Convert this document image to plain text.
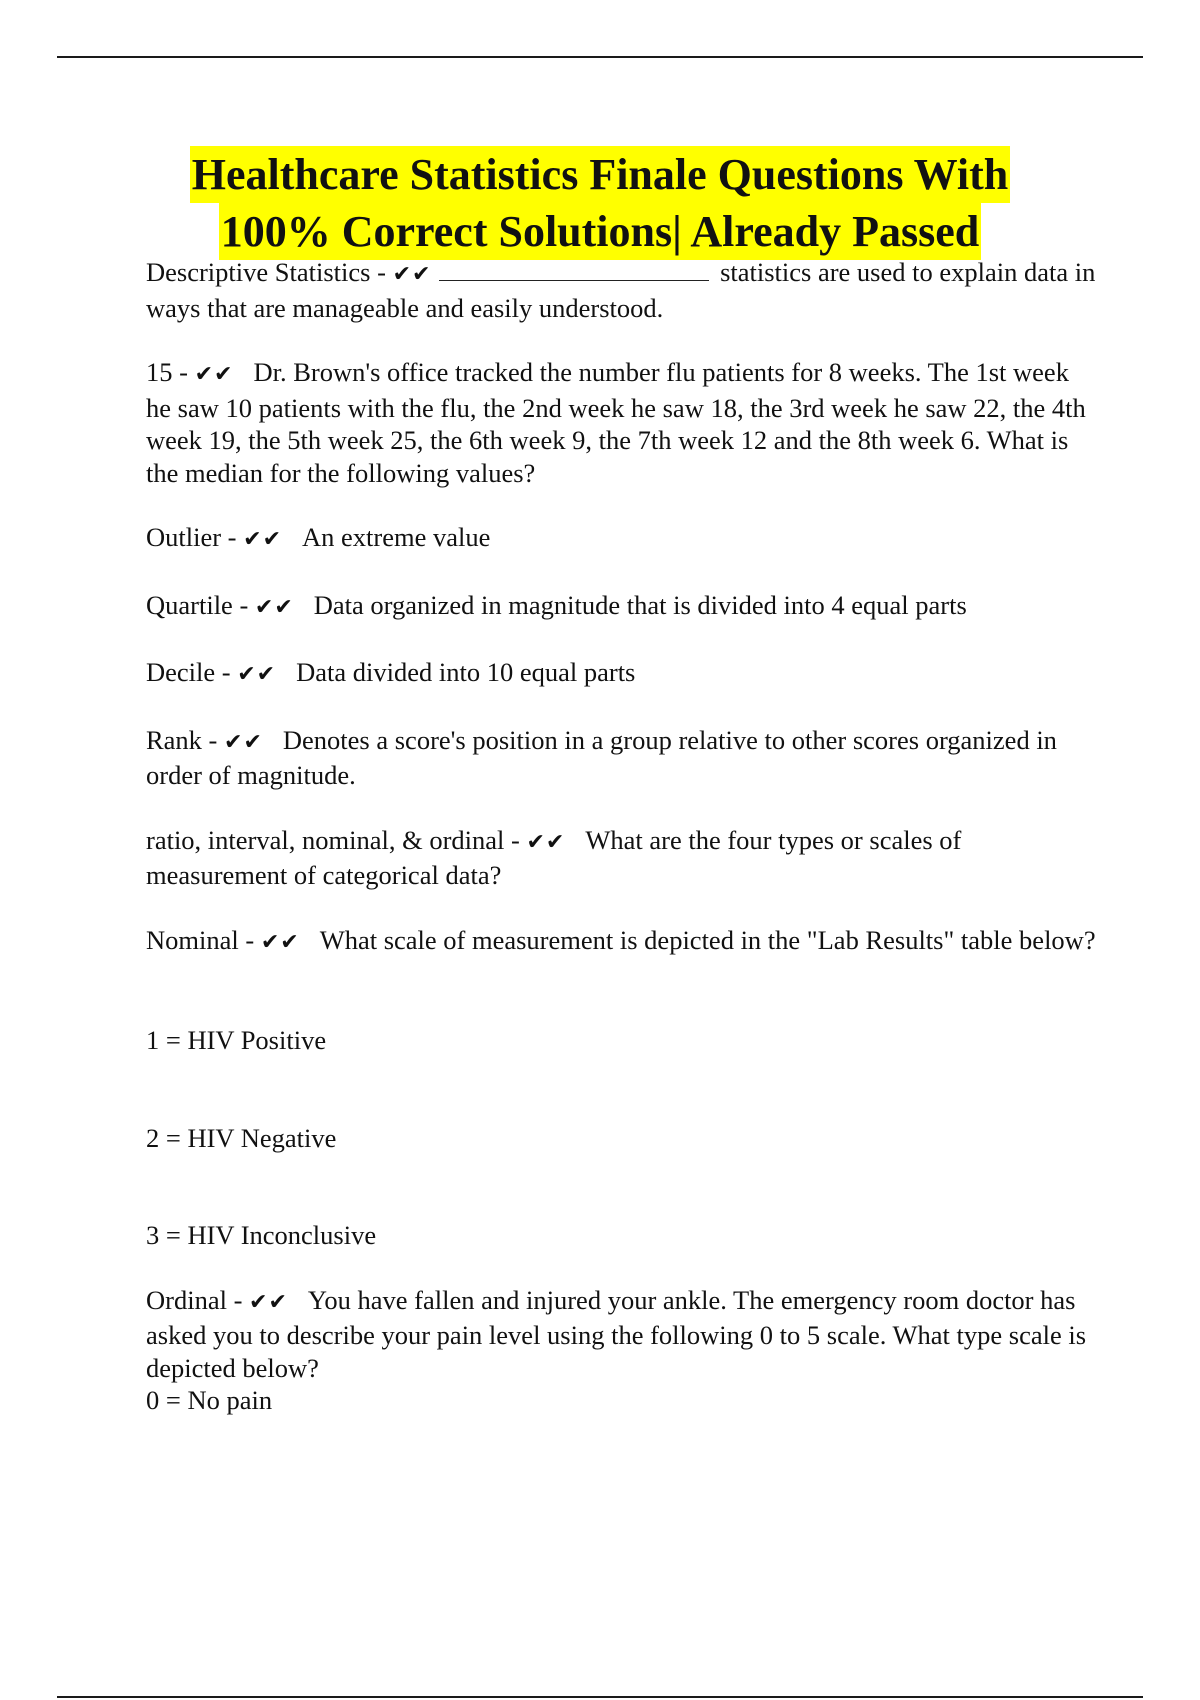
Healthcare Statistics Finale Questions With
100% Correct Solutions| Already Passed

Descriptive Statistics - ✔✔	statistics are used to explain data in ways that are manageable and easily understood.

15 - ✔✔ Dr. Brown's office tracked the number flu patients for 8 weeks. The 1st week he saw 10 patients with the flu, the 2nd week he saw 18, the 3rd week he saw 22, the 4th week 19, the 5th week 25, the 6th week 9, the 7th week 12 and the 8th week 6. What is the median for the following values?

Outlier - ✔✔ An extreme value

Quartile - ✔✔ Data organized in magnitude that is divided into 4 equal parts

Decile - ✔✔ Data divided into 10 equal parts

Rank - ✔✔ Denotes a score's position in a group relative to other scores organized in order of magnitude.

ratio, interval, nominal, & ordinal - ✔✔ What are the four types or scales of measurement of categorical data?

Nominal - ✔✔ What scale of measurement is depicted in the "Lab Results" table below?

1 = HIV Positive

2 = HIV Negative

3 = HIV Inconclusive

Ordinal - ✔✔ You have fallen and injured your ankle. The emergency room doctor has asked you to describe your pain level using the following 0 to 5 scale. What type scale is depicted below?

0 = No pain
